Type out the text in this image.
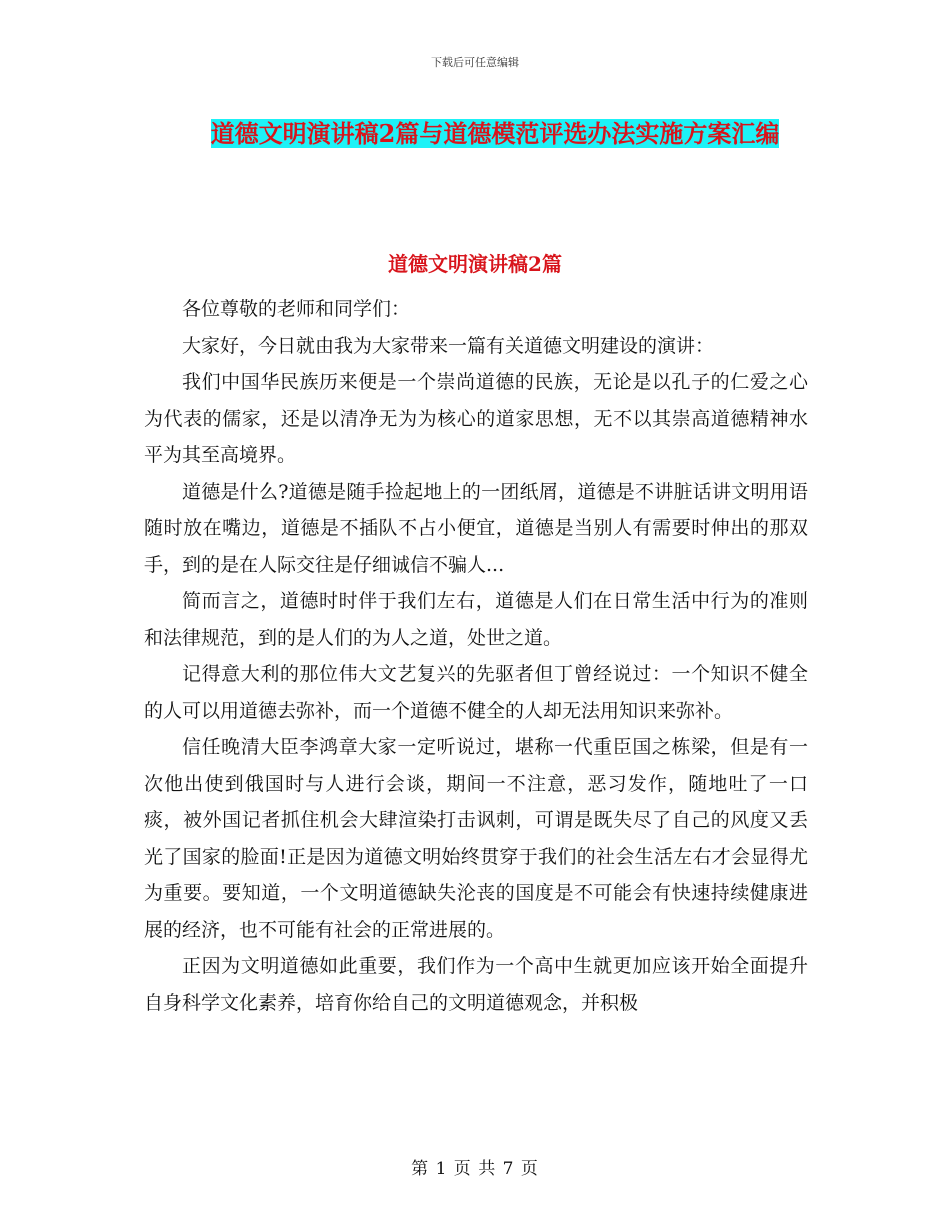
下载后可任意编辑
道德文明演讲稿2篇与道德模范评选办法实施方案汇编
道德文明演讲稿2篇

各位尊敬的老师和同学们：

大家好，今日就由我为大家带来一篇有关道德文明建设的演讲：

我们中国华民族历来便是一个崇尚道德的民族，无论是以孔子的仁爱之心为代表的儒家，还是以清净无为为核心的道家思想，无不以其崇高道德精神水平为其至高境界。

道德是什么?道德是随手捡起地上的一团纸屑，道德是不讲脏话讲文明用语随时放在嘴边，道德是不插队不占小便宜，道德是当别人有需要时伸出的那双手，到的是在人际交往是仔细诚信不骗人...

简而言之，道德时时伴于我们左右，道德是人们在日常生活中行为的准则和法律规范，到的是人们的为人之道，处世之道。

记得意大利的那位伟大文艺复兴的先驱者但丁曾经说过：一个知识不健全的人可以用道德去弥补，而一个道德不健全的人却无法用知识来弥补。

信任晚清大臣李鸿章大家一定听说过，堪称一代重臣国之栋梁，但是有一次他出使到俄国时与人进行会谈，期间一不注意，恶习发作，随地吐了一口痰，被外国记者抓住机会大肆渲染打击讽刺，可谓是既失尽了自己的风度又丢光了国家的脸面!正是因为道德文明始终贯穿于我们的社会生活左右才会显得尤为重要。要知道，一个文明道德缺失沦丧的国度是不可能会有快速持续健康进展的经济，也不可能有社会的正常进展的。

正因为文明道德如此重要，我们作为一个高中生就更加应该开始全面提升自身科学文化素养，培育你给自己的文明道德观念，并积极

第 1 页 共 7 页
